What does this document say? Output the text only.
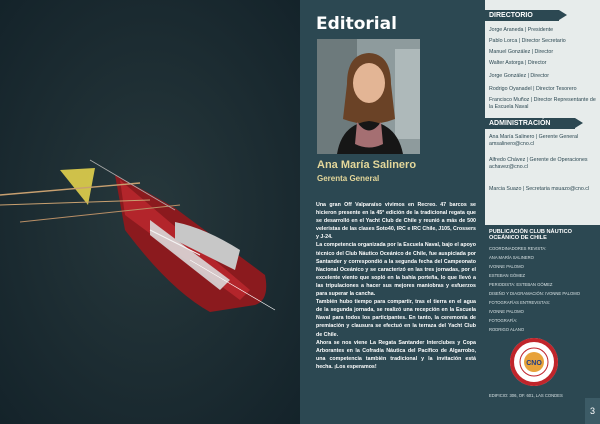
Editorial
Ana María Salinero
Gerenta General

Una gran Off Valparaíso vivimos en Recreo. 47 barcos se hicieron presente en la 45ª edición de la tradicional regata que se desarrolló en el Yacht Club de Chile y reunió a más de 500 veleristas de las clases Soto40, IRC e IRC Chile, J105, Crossers y J-24.

La competencia organizada por la Escuela Naval, bajo el apoyo técnico del Club Náutico Oceánico de Chile, fue auspiciada por Santander y correspondió a la segunda fecha del Campeonato Nacional Oceánico y se caracterizó en las tres jornadas, por el excelente viento que sopló en la bahía porteña, lo que llevó a las tripulaciones a hacer sus mejores maniobras y esfuerzos para superar la cancha.

También hubo tiempo para compartir, tras el tierra en el agua de la segunda jornada, se realizó una recepción en la Escuela Naval para todos los participantes. En tanto, la ceremonia de premiación y clausura se efectuó en la terraza del Yacht Club de Chile.

Ahora se nos viene La Regata Santander Interclubes y Copa Arborantes en la Cofradía Náutica del Pacífico de Algarrobo, una competencia también tradicional y la invitación está hecha. ¡Los esperamos!

DIRECTORIO
Jorge Araneda | Presidente
Pablo Lorca | Director Secretario
Manuel González | Director
Walter Astorga | Director
Jorge González | Director
Rodrigo Oyanadel | Director Tesorero
Francisco Muñoz | Director Representante de la Escuela Naval
ADMINISTRACIÓN
Ana María Salinero | Gerente General amsalinero@cno.cl
Alfredo Chávez | Gerente de Operaciones achavez@cno.cl
Marcia Suazo | Secretaria msuazo@cno.cl
PUBLICACIÓN CLUB NÁUTICO OCEÁNICO DE CHILE
COORDINADORES REVISTA:
ANA MARÍA SALINERO
IVONNE PALOMO
ESTEBAN GÓMEZ
PERIODISTA: ESTEBAN GÓMEZ
DISEÑO Y DIAGRAMACIÓN: IVONNE PALOMO
FOTOGRAFÍAS ENTREVISTAS:
IVONNE PALOMO
FOTOGRAFÍA:
RODRIGO ALANO
CNO
EDIFICIO: 306, OF. 601, LAS CONDES
3
